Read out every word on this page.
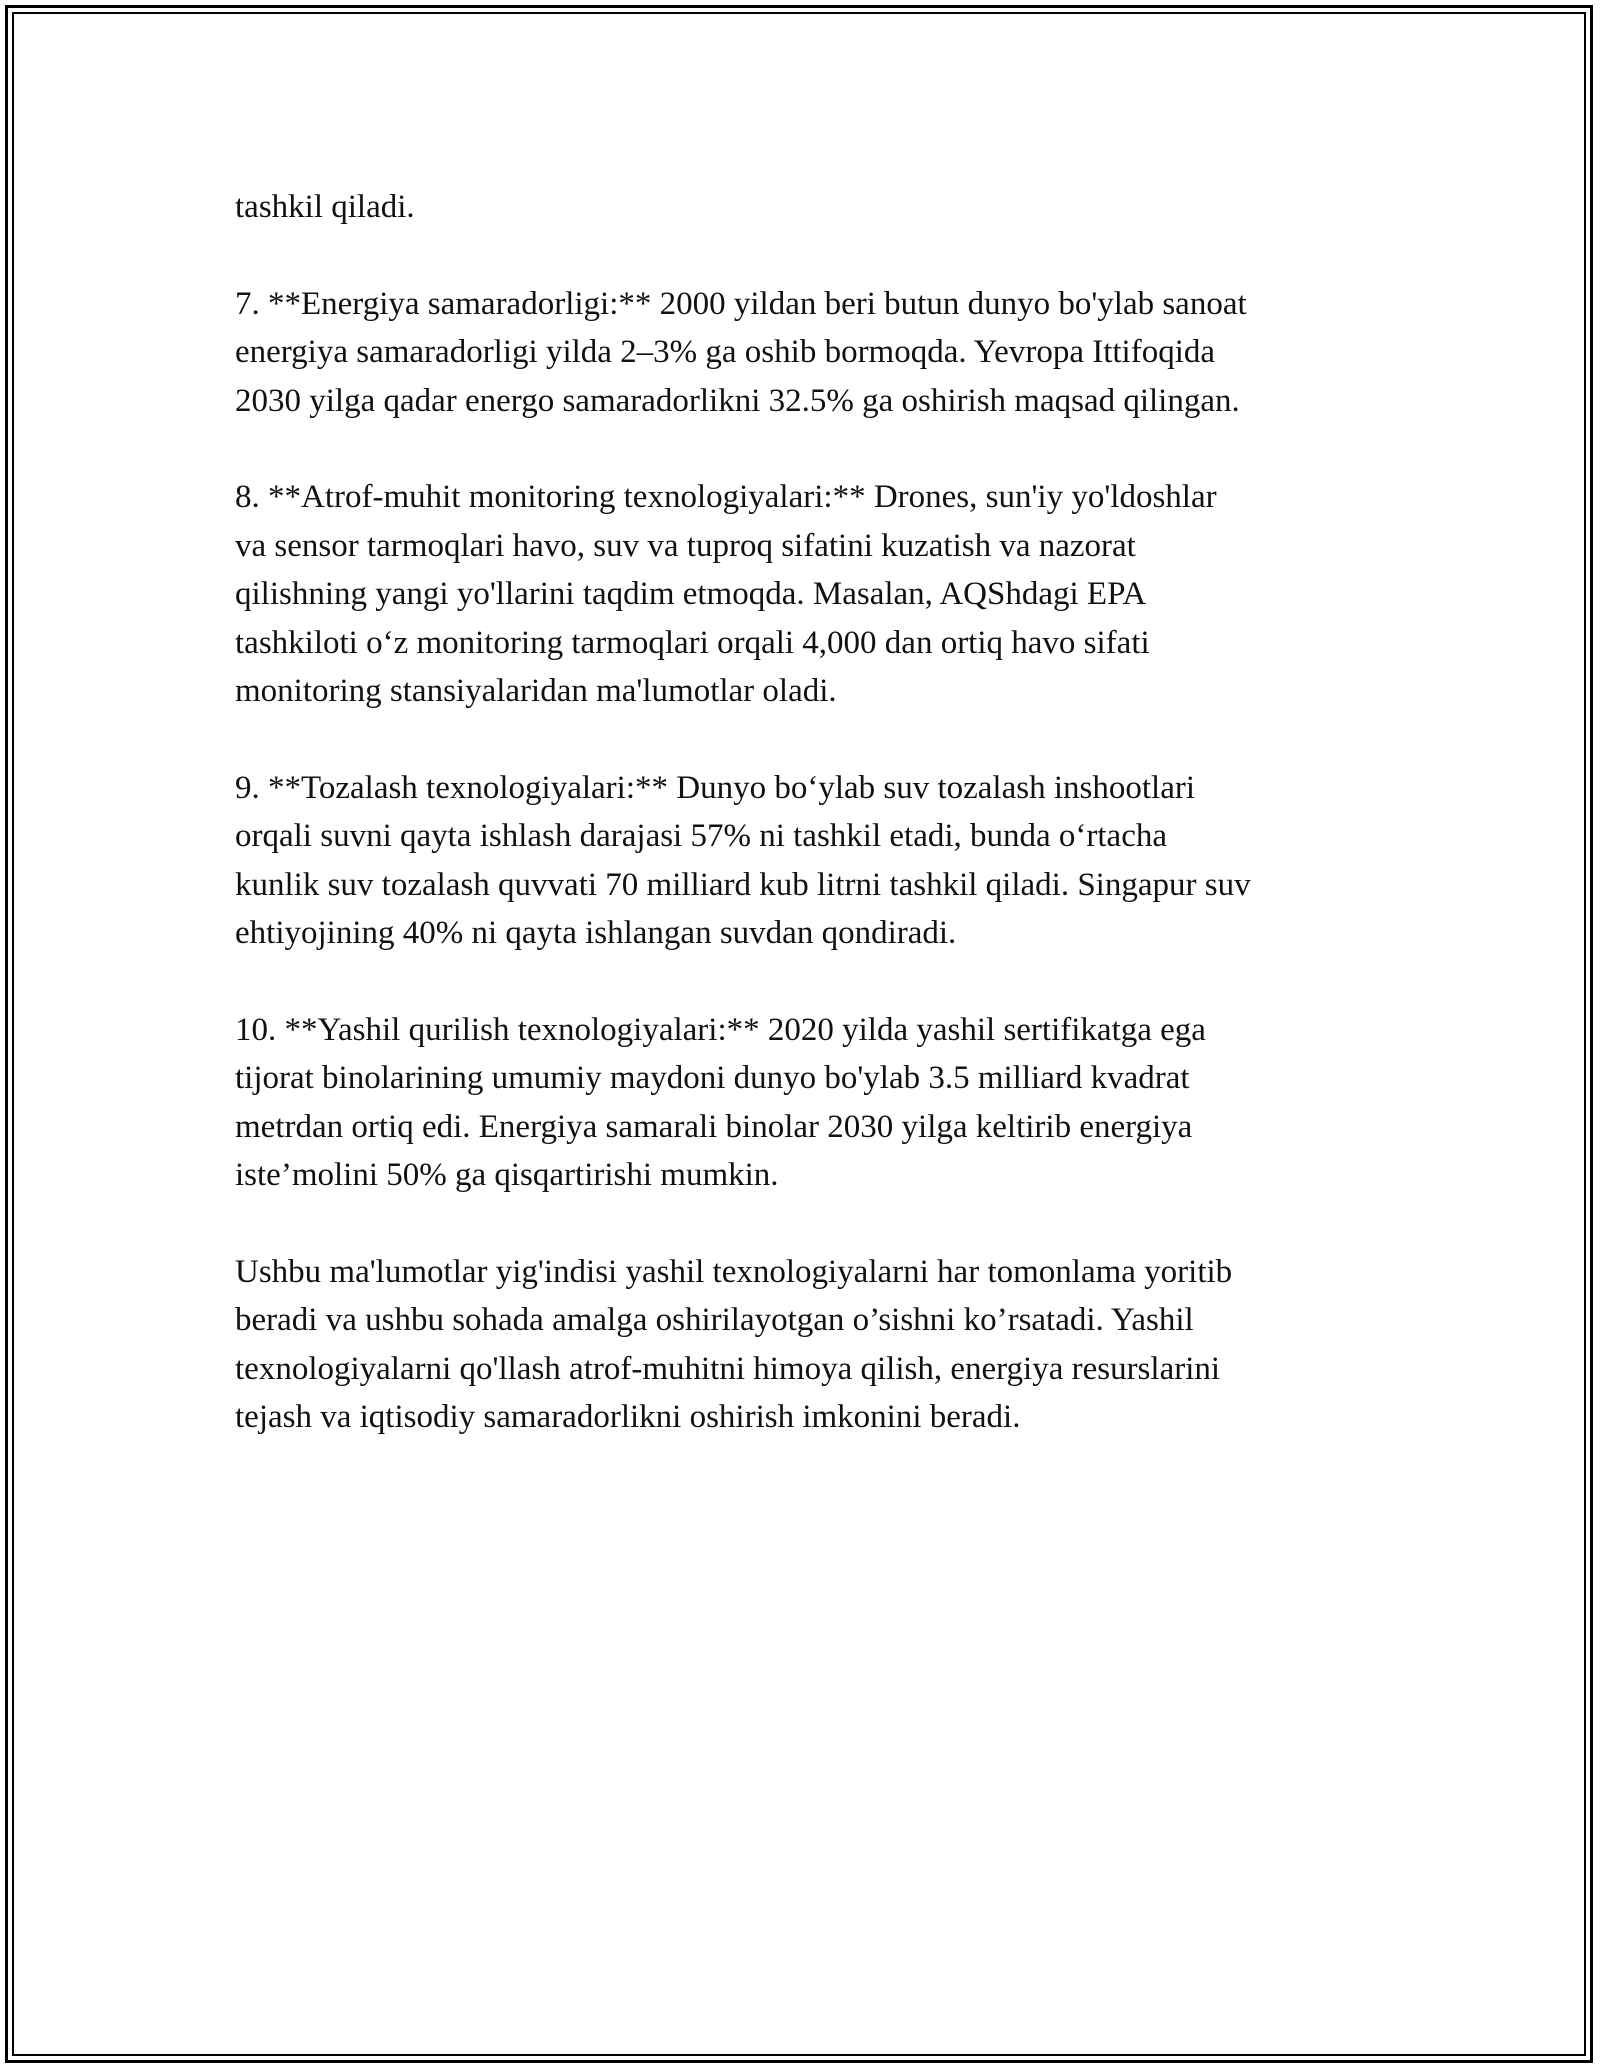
tashkil qiladi.

7. **Energiya samaradorligi:** 2000 yildan beri butun dunyo bo'ylab sanoat
energiya samaradorligi yilda 2–3% ga oshib bormoqda. Yevropa Ittifoqida
2030 yilga qadar energo samaradorlikni 32.5% ga oshirish maqsad qilingan.

8. **Atrof-muhit monitoring texnologiyalari:** Drones, sun'iy yo'ldoshlar
va sensor tarmoqlari havo, suv va tuproq sifatini kuzatish va nazorat
qilishning yangi yo'llarini taqdim etmoqda. Masalan, AQShdagi EPA
tashkiloti o‘z monitoring tarmoqlari orqali 4,000 dan ortiq havo sifati
monitoring stansiyalaridan ma'lumotlar oladi.

9. **Tozalash texnologiyalari:** Dunyo bo‘ylab suv tozalash inshootlari
orqali suvni qayta ishlash darajasi 57% ni tashkil etadi, bunda o‘rtacha
kunlik suv tozalash quvvati 70 milliard kub litrni tashkil qiladi. Singapur suv
ehtiyojining 40% ni qayta ishlangan suvdan qondiradi.

10. **Yashil qurilish texnologiyalari:** 2020 yilda yashil sertifikatga ega
tijorat binolarining umumiy maydoni dunyo bo'ylab 3.5 milliard kvadrat
metrdan ortiq edi. Energiya samarali binolar 2030 yilga keltirib energiya
iste’molini 50% ga qisqartirishi mumkin.

Ushbu ma'lumotlar yig'indisi yashil texnologiyalarni har tomonlama yoritib
beradi va ushbu sohada amalga oshirilayotgan o’sishni ko’rsatadi. Yashil
texnologiyalarni qo'llash atrof-muhitni himoya qilish, energiya resurslarini
tejash va iqtisodiy samaradorlikni oshirish imkonini beradi.
